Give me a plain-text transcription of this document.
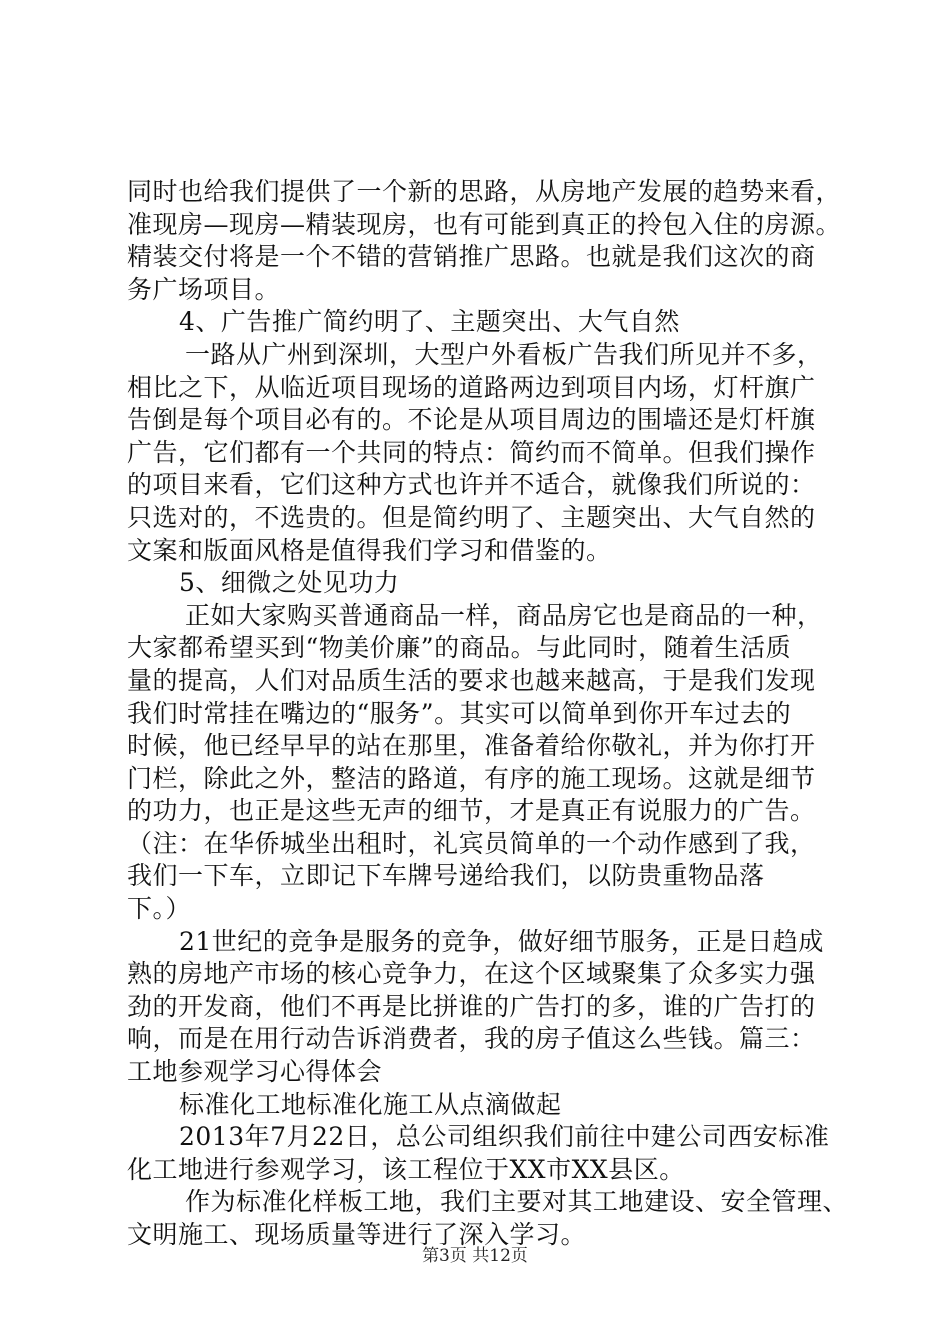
同时也给我们提供了一个新的思路，从房地产发展的趋势来看，
准现房—现房—精装现房，也有可能到真正的拎包入住的房源。
精装交付将是一个不错的营销推广思路。也就是我们这次的商
务广场项目。
4、广告推广简约明了、主题突出、大气自然
一路从广州到深圳，大型户外看板广告我们所见并不多，
相比之下，从临近项目现场的道路两边到项目内场，灯杆旗广
告倒是每个项目必有的。不论是从项目周边的围墙还是灯杆旗
广告，它们都有一个共同的特点：简约而不简单。但我们操作
的项目来看，它们这种方式也许并不适合，就像我们所说的：
只选对的，不选贵的。但是简约明了、主题突出、大气自然的
文案和版面风格是值得我们学习和借鉴的。
5、细微之处见功力
正如大家购买普通商品一样，商品房它也是商品的一种，
大家都希望买到“物美价廉”的商品。与此同时，随着生活质
量的提高，人们对品质生活的要求也越来越高，于是我们发现
我们时常挂在嘴边的“服务”。其实可以简单到你开车过去的
时候，他已经早早的站在那里，准备着给你敬礼，并为你打开
门栏，除此之外，整洁的路道，有序的施工现场。这就是细节
的功力，也正是这些无声的细节，才是真正有说服力的广告。
（注：在华侨城坐出租时，礼宾员简单的一个动作感到了我，
我们一下车，立即记下车牌号递给我们，以防贵重物品落
下。）
21世纪的竞争是服务的竞争，做好细节服务，正是日趋成
熟的房地产市场的核心竞争力，在这个区域聚集了众多实力强
劲的开发商，他们不再是比拼谁的广告打的多，谁的广告打的
响，而是在用行动告诉消费者，我的房子值这么些钱。篇三：
工地参观学习心得体会
标准化工地标准化施工从点滴做起
2013年7月22日，总公司组织我们前往中建公司西安标准
化工地进行参观学习，该工程位于XX市XX县区。
作为标准化样板工地，我们主要对其工地建设、安全管理、
文明施工、现场质量等进行了深入学习。
第3页 共12页
